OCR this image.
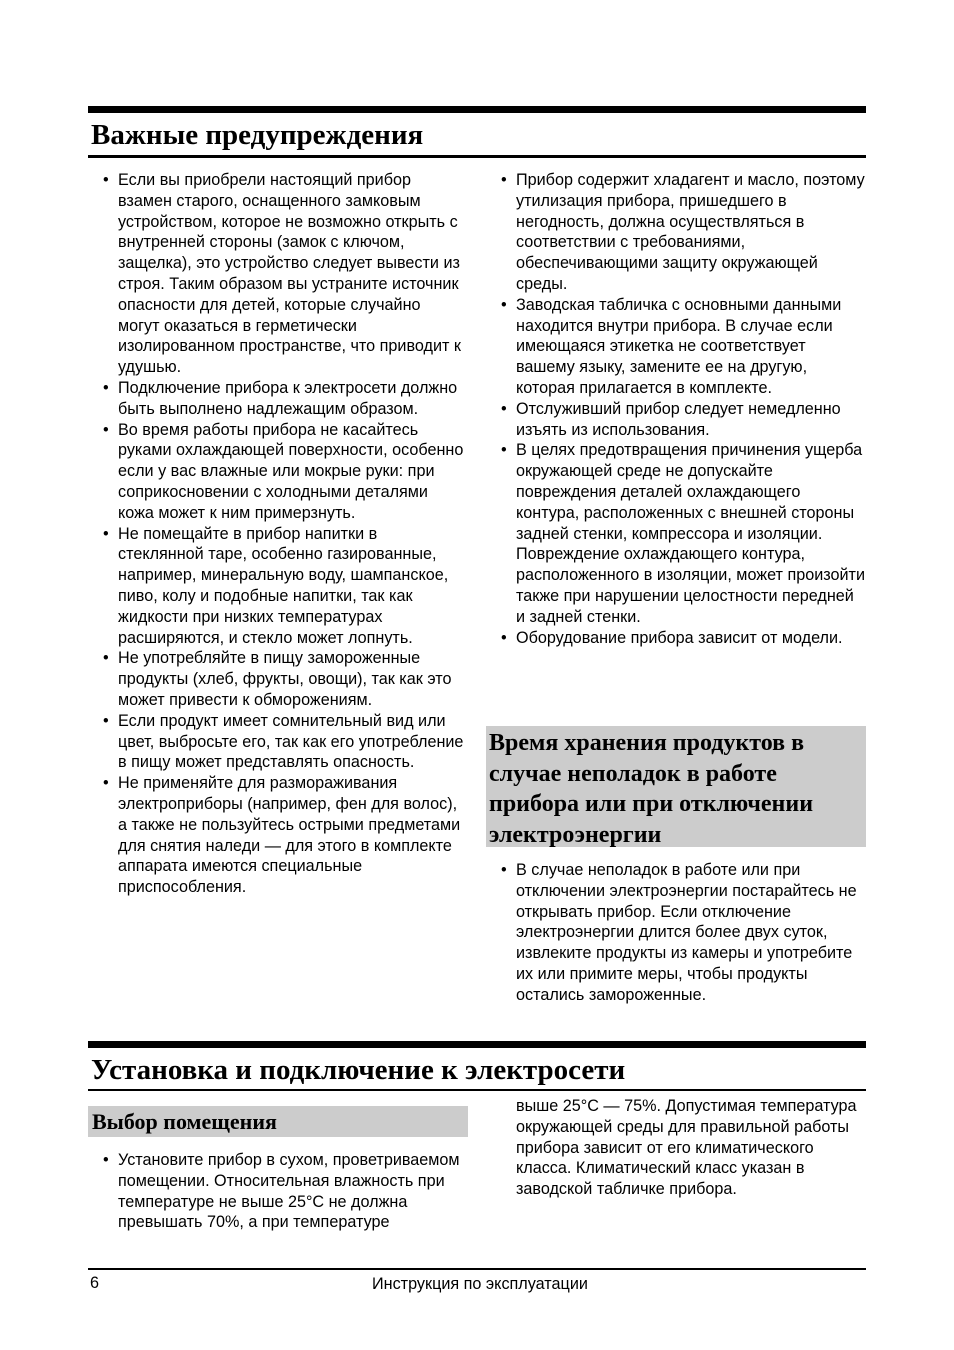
Важные предупреждения
• Если вы приобрели настоящий прибор взамен старого, оснащенного замковым устройством, которое не возможно открыть с внутренней стороны (замок с ключом, защелка), это устройство следует вывести из строя. Таким образом вы устраните источник опасности для детей, которые случайно могут оказаться в герметически изолированном пространстве, что приводит к удушью.
• Подключение прибора к электросети должно быть выполнено надлежащим образом.
• Во время работы прибора не касайтесь руками охлаждающей поверхности, особенно если у вас влажные или мокрые руки: при соприкосновении с холодными деталями кожа может к ним примерзнуть.
• Не помещайте в прибор напитки в стеклянной таре, особенно газированные, например, минеральную воду, шампанское, пиво, колу и подобные напитки, так как жидкости при низких температурах расширяются, и стекло может лопнуть.
• Не употребляйте в пищу замороженные продукты (хлеб, фрукты, овощи), так как это может привести к обморожениям.
• Если продукт имеет сомнительный вид или цвет, выбросьте его, так как его употребление в пищу может представлять опасность.
• Не применяйте для размораживания электроприборы (например, фен для волос), а также не пользуйтесь острыми предметами для снятия наледи — для этого в комплекте аппарата имеются специальные приспособления.
• Прибор содержит хладагент и масло, поэтому утилизация прибора, пришедшего в негодность, должна осуществляться в соответствии с требованиями, обеспечивающими защиту окружающей среды.
• Заводская табличка с основными данными находится внутри прибора. В случае если имеющаяся этикетка не соответствует вашему языку, замените ее на другую, которая прилагается в комплекте.
• Отслуживший прибор следует немедленно изъять из использования.
• В целях предотвращения причинения ущерба окружающей среде не допускайте повреждения деталей охлаждающего контура, расположенных с внешней стороны задней стенки, компрессора и изоляции. Повреждение охлаждающего контура, расположенного в изоляции, может произойти также при нарушении целостности передней и задней стенки.
• Оборудование прибора зависит от модели.
Время хранения продуктов в случае неполадок в работе прибора или при отключении электроэнергии
• В случае неполадок в работе или при отключении электроэнергии постарайтесь не открывать прибор. Если отключение электроэнергии длится более двух суток, извлеките продукты из камеры и употребите их или примите меры, чтобы продукты остались замороженные.
Установка и подключение к электросети
Выбор помещения
• Установите прибор в сухом, проветриваемом помещении. Относительная влажность при температуре не выше 25°C не должна превышать 70%, а при температуре
выше 25°C — 75%. Допустимая температура окружающей среды для правильной работы прибора зависит от его климатического класса. Климатический класс указан в заводской табличке прибора.
6	Инструкция по эксплуатации
